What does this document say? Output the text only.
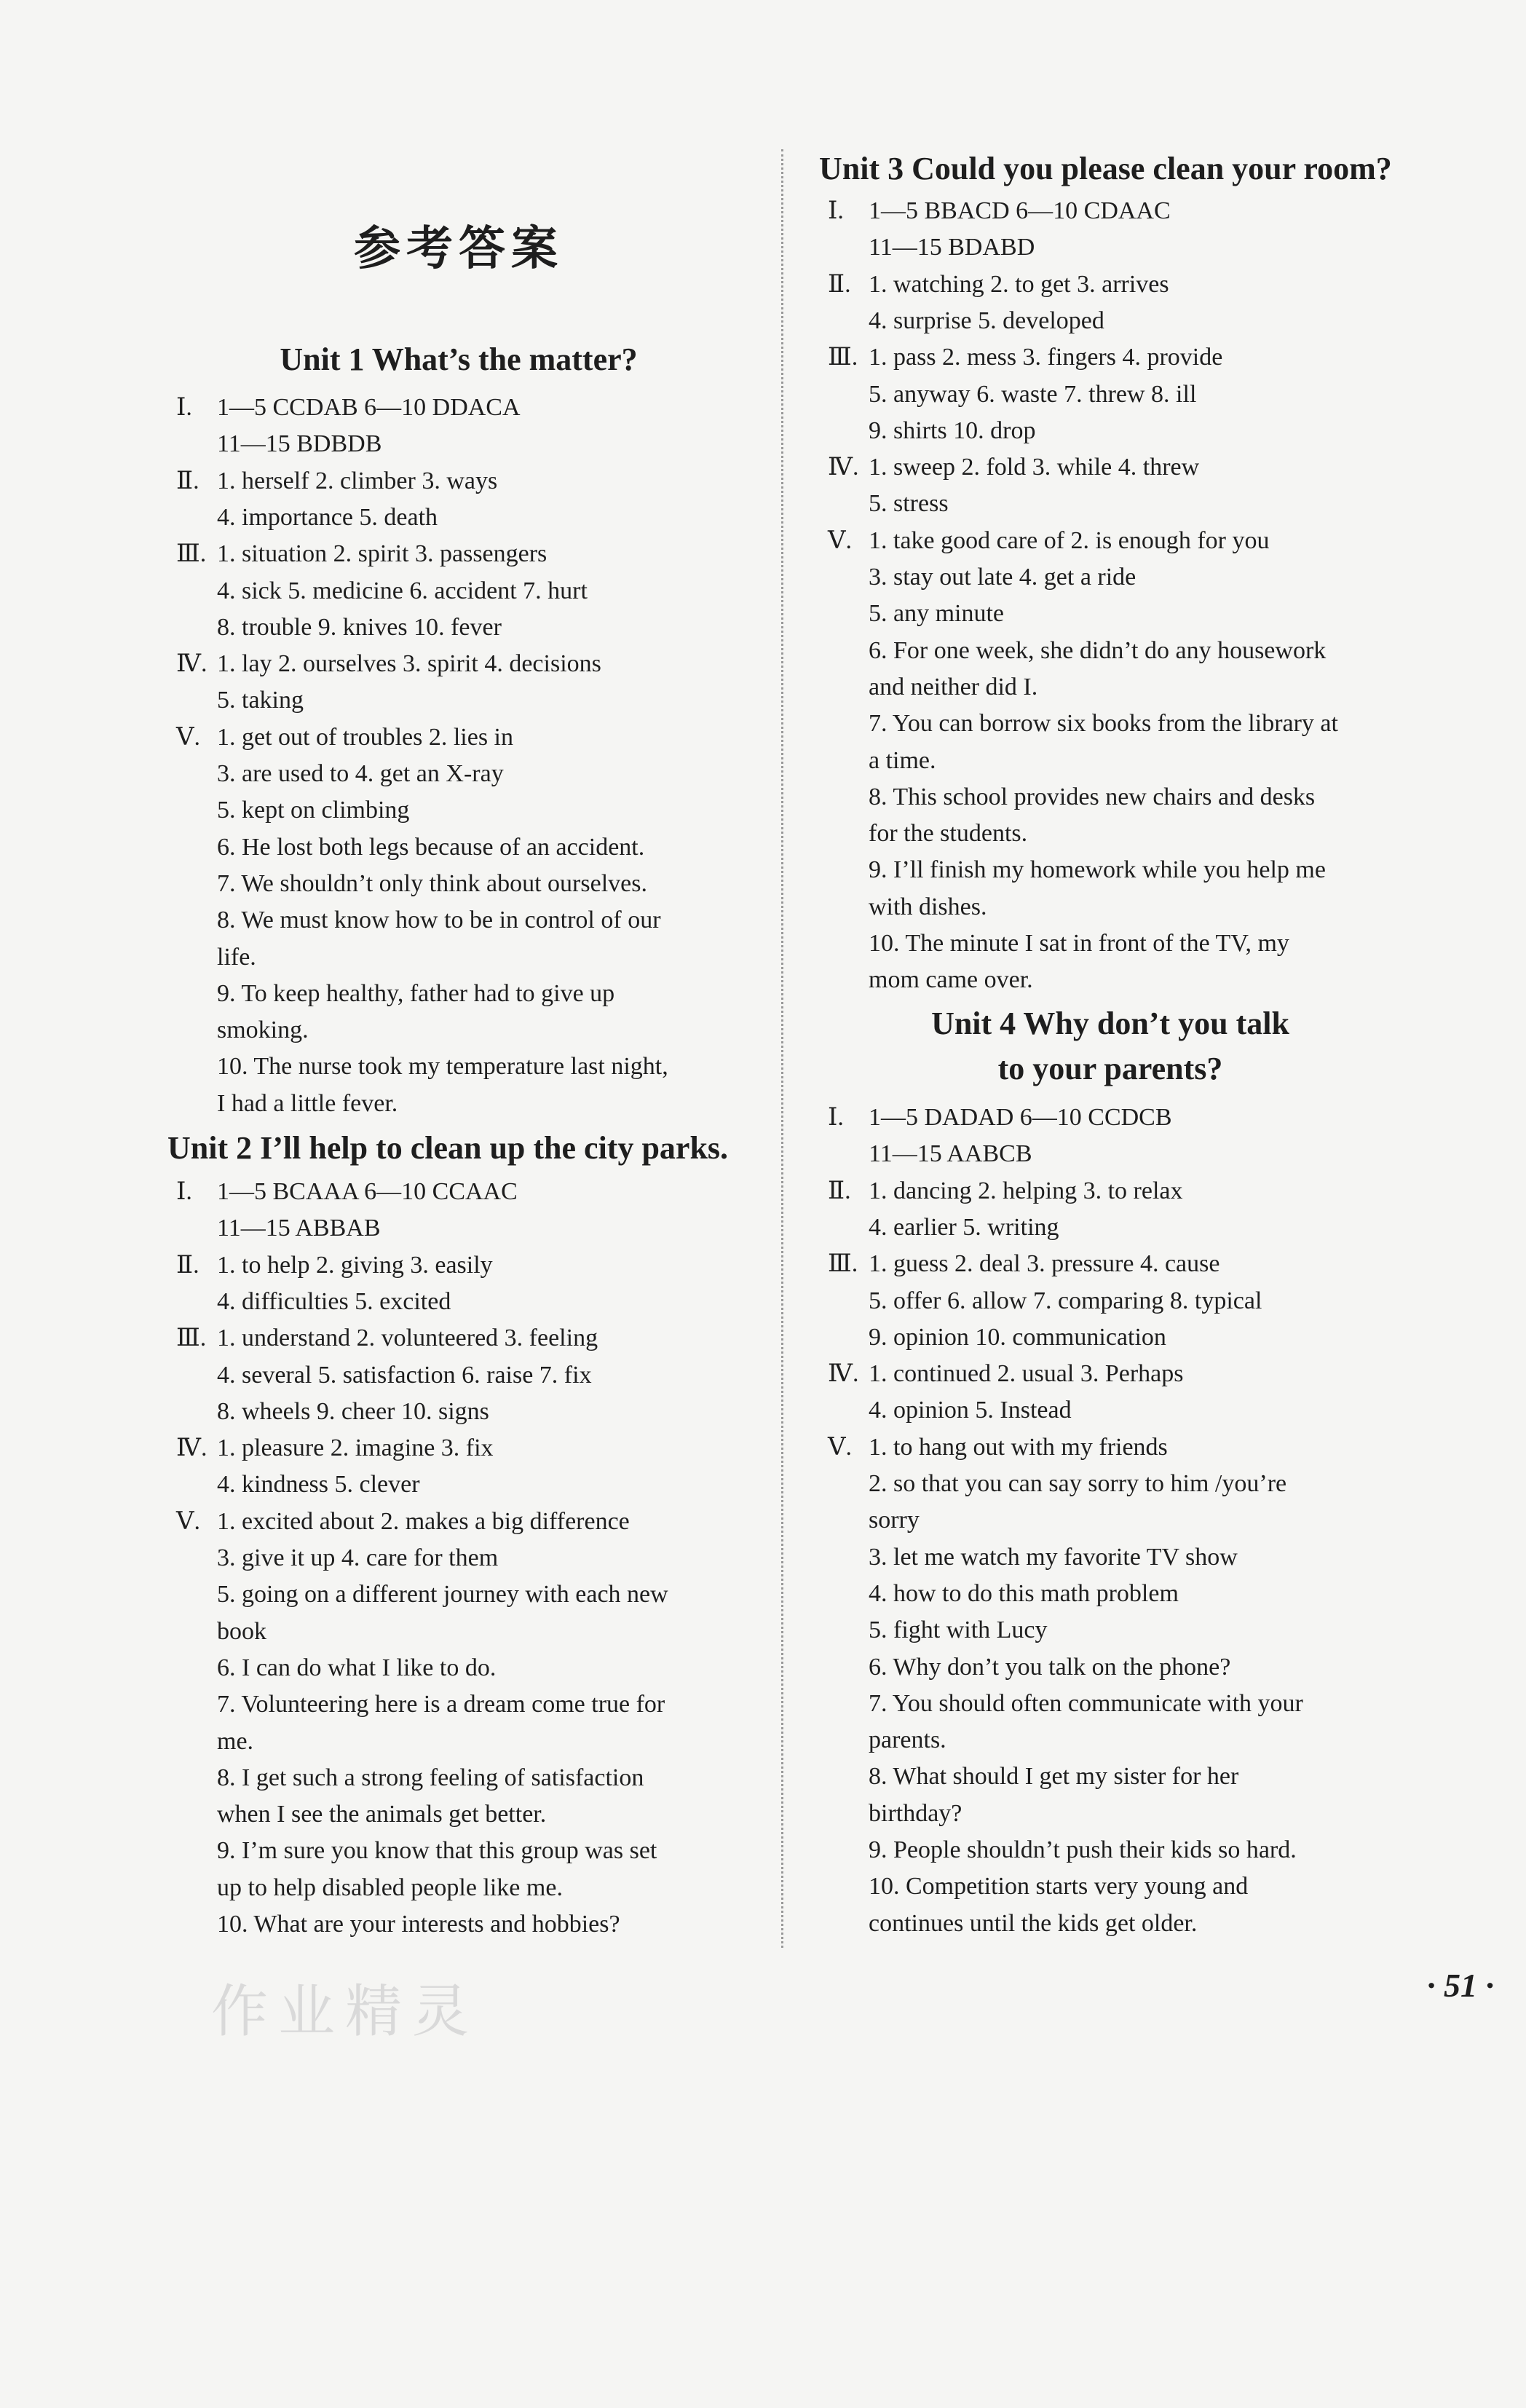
参考答案
Unit 1 What’s the matter?
Ⅰ.	1—5 CCDAB 6—10 DDACA
11—15 BDBDB
Ⅱ. 1. herself 2. climber 3. ways
4. importance 5. death
Ⅲ. 1. situation 2. spirit 3. passengers
4. sick 5. medicine 6. accident 7. hurt
8. trouble 9. knives 10. fever
Ⅳ. 1. lay 2. ourselves 3. spirit 4. decisions
5. taking
Ⅴ. 1. get out of troubles 2. lies in
3. are used to 4. get an X-ray
5. kept on climbing
6. He lost both legs because of an accident.
7. We shouldn’t only think about ourselves.
8. We must know how to be in control of our
life.
9. To keep healthy, father had to give up
smoking.
10. The nurse took my temperature last night,
I had a little fever.
Unit 2 I’ll help to clean up the city parks.
Ⅰ.	1—5 BCAAA 6—10 CCAAC
11—15 ABBAB
Ⅱ. 1. to help 2. giving 3. easily
4. difficulties 5. excited
Ⅲ. 1. understand 2. volunteered 3. feeling
4. several 5. satisfaction 6. raise 7. fix
8. wheels 9. cheer 10. signs
Ⅳ. 1. pleasure 2. imagine 3. fix
4. kindness 5. clever
Ⅴ. 1. excited about 2. makes a big difference
3. give it up 4. care for them
5. going on a different journey with each new
book
6. I can do what I like to do.
7. Volunteering here is a dream come true for
me.
8. I get such a strong feeling of satisfaction
when I see the animals get better.
9. I’m sure you know that this group was set
up to help disabled people like me.
10. What are your interests and hobbies?
Unit 3 Could you please clean your room?
Ⅰ.	1—5 BBACD 6—10 CDAAC
11—15 BDABD
Ⅱ. 1. watching 2. to get 3. arrives
4. surprise 5. developed
Ⅲ. 1. pass 2. mess 3. fingers 4. provide
5. anyway 6. waste 7. threw 8. ill
9. shirts 10. drop
Ⅳ. 1. sweep 2. fold 3. while 4. threw
5. stress
Ⅴ. 1. take good care of 2. is enough for you
3. stay out late 4. get a ride
5. any minute
6. For one week, she didn’t do any housework
and neither did I.
7. You can borrow six books from the library at
a time.
8. This school provides new chairs and desks
for the students.
9. I’ll finish my homework while you help me
with dishes.
10. The minute I sat in front of the TV, my
mom came over.
Unit 4 Why don’t you talk
to your parents?
Ⅰ.	1—5 DADAD 6—10 CCDCB
11—15 AABCB
Ⅱ. 1. dancing 2. helping 3. to relax
4. earlier 5. writing
Ⅲ. 1. guess 2. deal 3. pressure 4. cause
5. offer 6. allow 7. comparing 8. typical
9. opinion 10. communication
Ⅳ. 1. continued 2. usual 3. Perhaps
4. opinion 5. Instead
Ⅴ. 1. to hang out with my friends
2. so that you can say sorry to him /you’re
sorry
3. let me watch my favorite TV show
4. how to do this math problem
5. fight with Lucy
6. Why don’t you talk on the phone?
7. You should often communicate with your
parents.
8. What should I get my sister for her
birthday?
9. People shouldn’t push their kids so hard.
10. Competition starts very young and
continues until the kids get older.
作业精灵	· 51 ·
